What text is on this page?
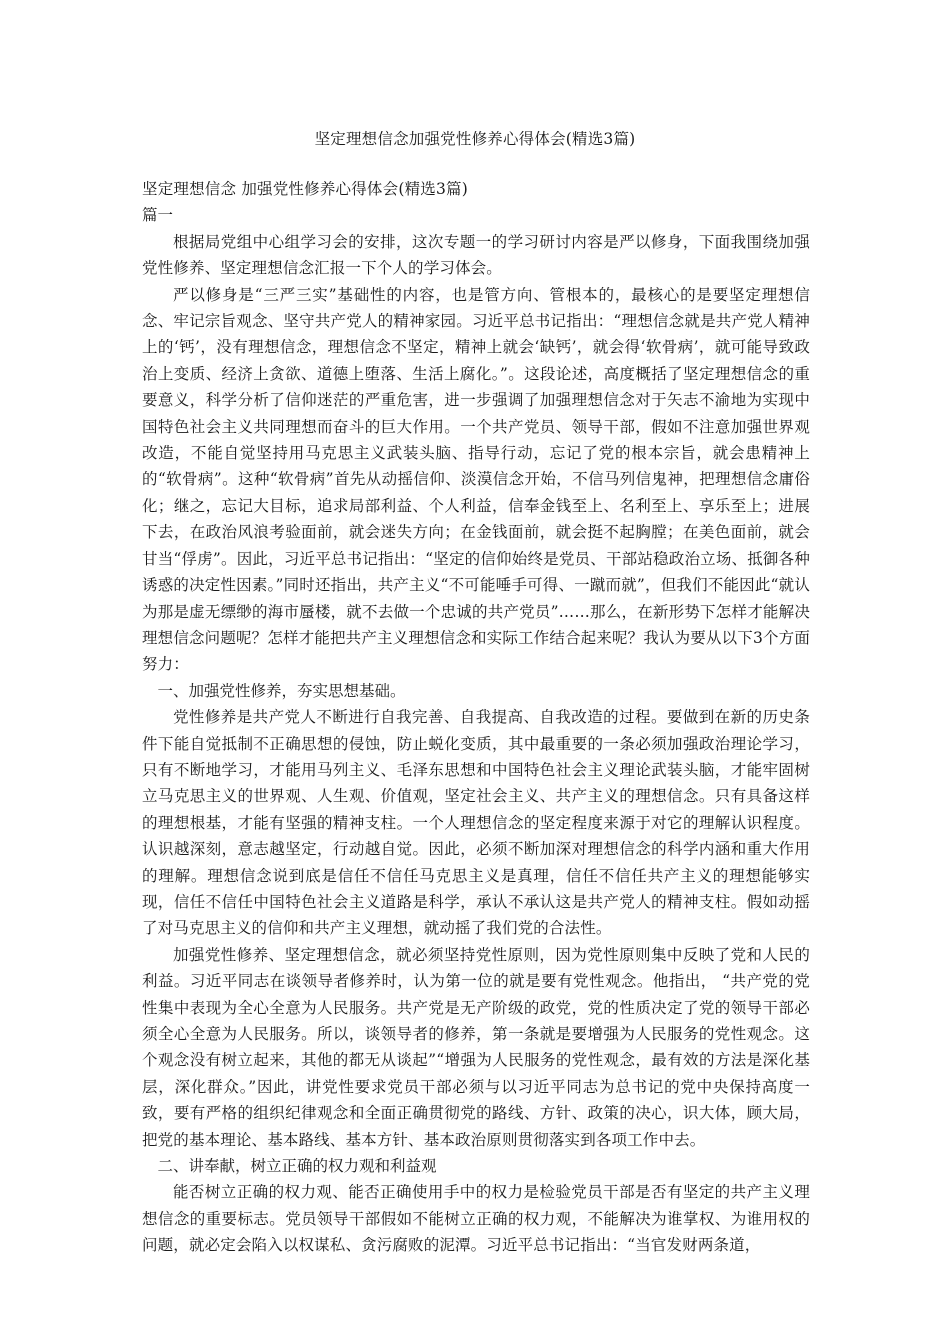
坚定理想信念加强党性修养心得体会(精选3篇)

坚定理想信念 加强党性修养心得体会(精选3篇)

篇一

根据局党组中心组学习会的安排，这次专题一的学习研讨内容是严以修身，下面我围绕加强党性修养、坚定理想信念汇报一下个人的学习体会。

严以修身是“三严三实”基础性的内容，也是管方向、管根本的，最核心的是要坚定理想信念、牢记宗旨观念、坚守共产党人的精神家园。习近平总书记指出：“理想信念就是共产党人精神上的‘钙’，没有理想信念，理想信念不坚定，精神上就会‘缺钙’，就会得‘软骨病’，就可能导致政治上变质、经济上贪欲、道德上堕落、生活上腐化。”。这段论述，高度概括了坚定理想信念的重要意义，科学分析了信仰迷茫的严重危害，进一步强调了加强理想信念对于矢志不渝地为实现中国特色社会主义共同理想而奋斗的巨大作用。一个共产党员、领导干部，假如不注意加强世界观改造，不能自觉坚持用马克思主义武装头脑、指导行动，忘记了党的根本宗旨，就会患精神上的“软骨病”。这种“软骨病”首先从动摇信仰、淡漠信念开始，不信马列信鬼神，把理想信念庸俗化；继之，忘记大目标，追求局部利益、个人利益，信奉金钱至上、名利至上、享乐至上；进展下去，在政治风浪考验面前，就会迷失方向；在金钱面前，就会挺不起胸膛；在美色面前，就会甘当“俘虏”。因此，习近平总书记指出：“坚定的信仰始终是党员、干部站稳政治立场、抵御各种诱惑的决定性因素。”同时还指出，共产主义“不可能唾手可得、一蹴而就”，但我们不能因此“就认为那是虚无缥缈的海市蜃楼，就不去做一个忠诚的共产党员”……那么，在新形势下怎样才能解决理想信念问题呢？怎样才能把共产主义理想信念和实际工作结合起来呢？我认为要从以下3个方面努力：

一、加强党性修养，夯实思想基础。

党性修养是共产党人不断进行自我完善、自我提高、自我改造的过程。要做到在新的历史条件下能自觉抵制不正确思想的侵蚀，防止蜕化变质，其中最重要的一条必须加强政治理论学习，只有不断地学习，才能用马列主义、毛泽东思想和中国特色社会主义理论武装头脑，才能牢固树立马克思主义的世界观、人生观、价值观，坚定社会主义、共产主义的理想信念。只有具备这样的理想根基，才能有坚强的精神支柱。一个人理想信念的坚定程度来源于对它的理解认识程度。认识越深刻，意志越坚定，行动越自觉。因此，必须不断加深对理想信念的科学内涵和重大作用的理解。理想信念说到底是信任不信任马克思主义是真理，信任不信任共产主义的理想能够实现，信任不信任中国特色社会主义道路是科学，承认不承认这是共产党人的精神支柱。假如动摇了对马克思主义的信仰和共产主义理想，就动摇了我们党的合法性。

加强党性修养、坚定理想信念，就必须坚持党性原则，因为党性原则集中反映了党和人民的利益。习近平同志在谈领导者修养时，认为第一位的就是要有党性观念。他指出， “共产党的党性集中表现为全心全意为人民服务。共产党是无产阶级的政党，党的性质决定了党的领导干部必须全心全意为人民服务。所以，谈领导者的修养，第一条就是要增强为人民服务的党性观念。这个观念没有树立起来，其他的都无从谈起”“增强为人民服务的党性观念，最有效的方法是深化基层，深化群众。”因此，讲党性要求党员干部必须与以习近平同志为总书记的党中央保持高度一致，要有严格的组织纪律观念和全面正确贯彻党的路线、方针、政策的决心，识大体，顾大局，把党的基本理论、基本路线、基本方针、基本政治原则贯彻落实到各项工作中去。

二、讲奉献，树立正确的权力观和利益观

能否树立正确的权力观、能否正确使用手中的权力是检验党员干部是否有坚定的共产主义理想信念的重要标志。党员领导干部假如不能树立正确的权力观，不能解决为谁掌权、为谁用权的问题，就必定会陷入以权谋私、贪污腐败的泥潭。习近平总书记指出：“当官发财两条道，
